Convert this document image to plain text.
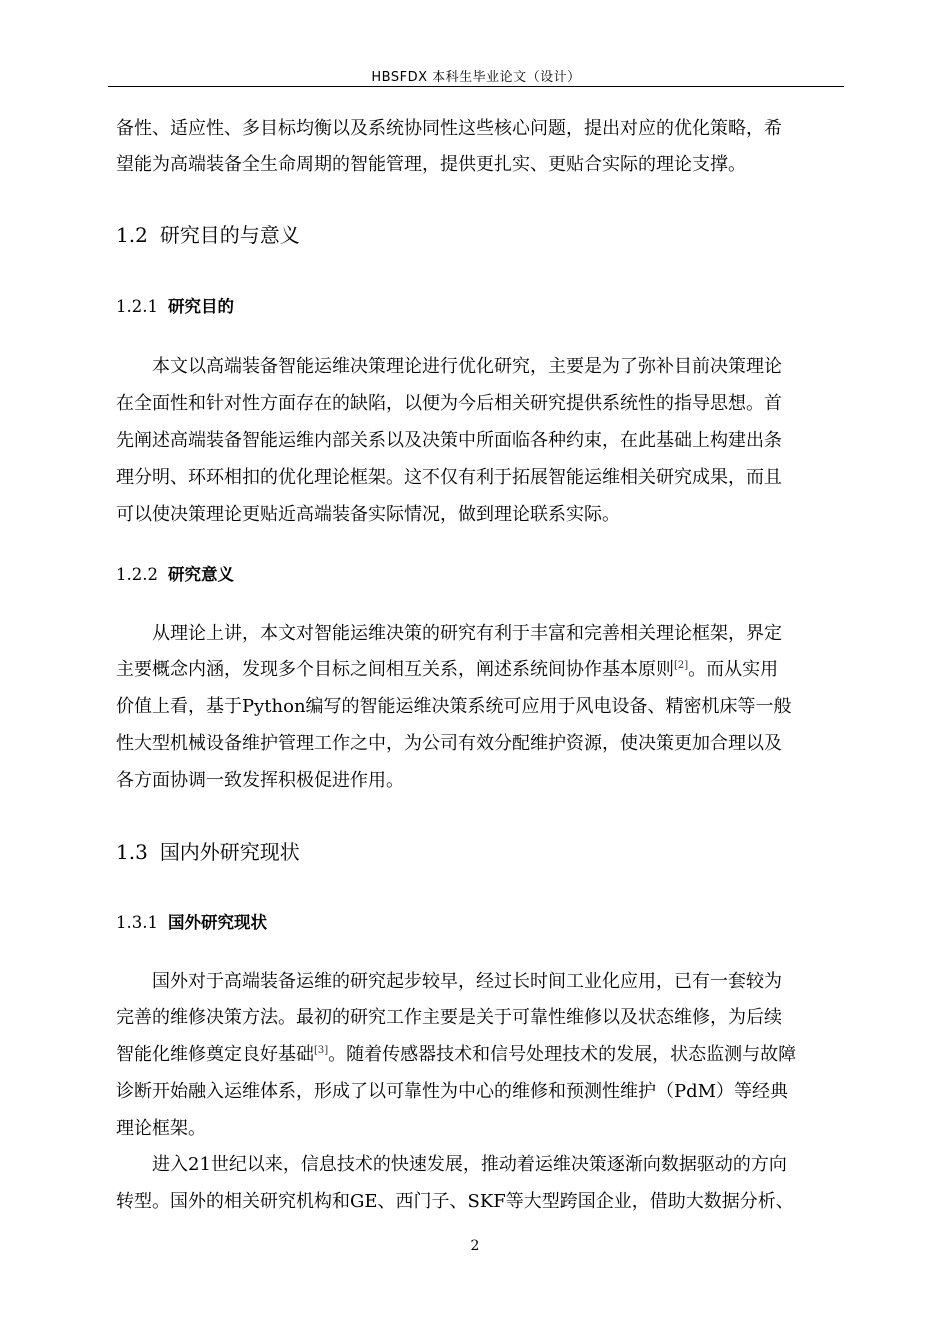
HBSFDX 本科生毕业论文（设计）
备性、适应性、多目标均衡以及系统协同性这些核心问题，提出对应的优化策略，希
望能为高端装备全生命周期的智能管理，提供更扎实、更贴合实际的理论支撑。
1.2 研究目的与意义
1.2.1 研究目的
本文以高端装备智能运维决策理论进行优化研究，主要是为了弥补目前决策理论
在全面性和针对性方面存在的缺陷，以便为今后相关研究提供系统性的指导思想。首
先阐述高端装备智能运维内部关系以及决策中所面临各种约束，在此基础上构建出条
理分明、环环相扣的优化理论框架。这不仅有利于拓展智能运维相关研究成果，而且
可以使决策理论更贴近高端装备实际情况，做到理论联系实际。
1.2.2 研究意义
从理论上讲，本文对智能运维决策的研究有利于丰富和完善相关理论框架，界定
主要概念内涵，发现多个目标之间相互关系，阐述系统间协作基本原则[2]。而从实用
价值上看，基于Python编写的智能运维决策系统可应用于风电设备、精密机床等一般
性大型机械设备维护管理工作之中，为公司有效分配维护资源，使决策更加合理以及
各方面协调一致发挥积极促进作用。
1.3 国内外研究现状
1.3.1 国外研究现状
国外对于高端装备运维的研究起步较早，经过长时间工业化应用，已有一套较为
完善的维修决策方法。最初的研究工作主要是关于可靠性维修以及状态维修，为后续
智能化维修奠定良好基础[3]。随着传感器技术和信号处理技术的发展，状态监测与故障
诊断开始融入运维体系，形成了以可靠性为中心的维修和预测性维护（PdM）等经典
理论框架。
进入21世纪以来，信息技术的快速发展，推动着运维决策逐渐向数据驱动的方向
转型。国外的相关研究机构和GE、西门子、SKF等大型跨国企业，借助大数据分析、
2
